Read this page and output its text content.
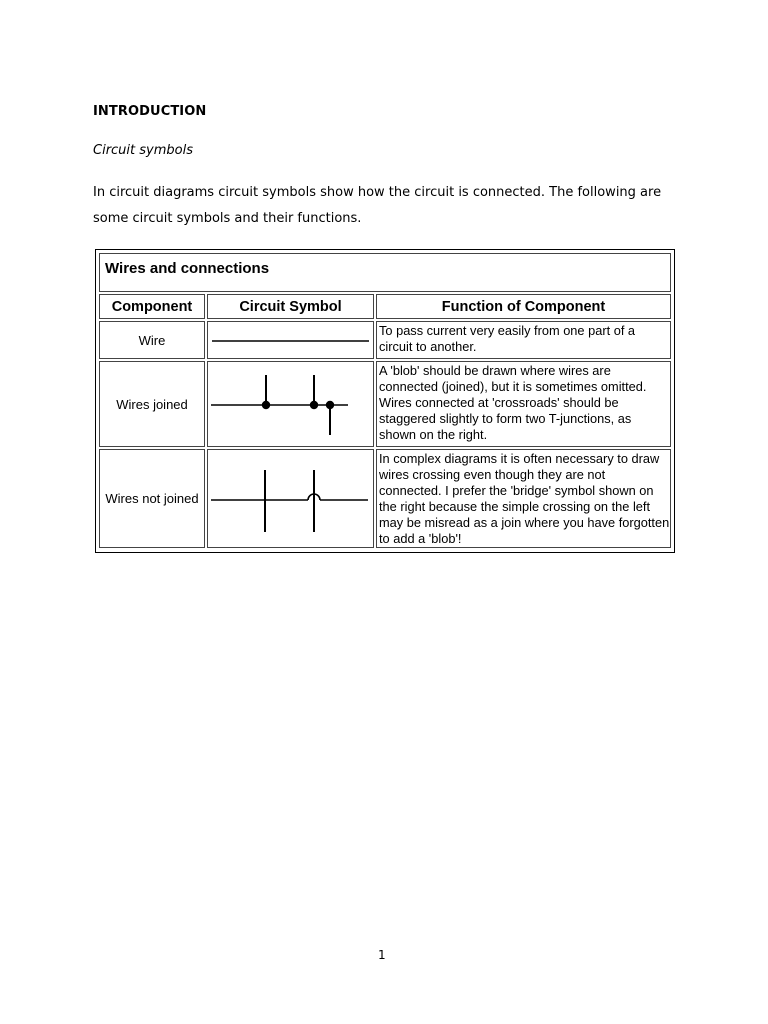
INTRODUCTION
Circuit symbols
In circuit diagrams circuit symbols show how the circuit is connected. The following are some circuit symbols and their functions.
Wires and connections
Component	Circuit Symbol	Function of Component
Wire
To pass current very easily from one part of a circuit to another.
Wires joined
A 'blob' should be drawn where wires are connected (joined), but it is sometimes omitted. Wires connected at 'crossroads' should be staggered slightly to form two T-junctions, as shown on the right.
Wires not joined
In complex diagrams it is often necessary to draw wires crossing even though they are not connected. I prefer the 'bridge' symbol shown on the right because the simple crossing on the left may be misread as a join where you have forgotten to add a 'blob'!
1
